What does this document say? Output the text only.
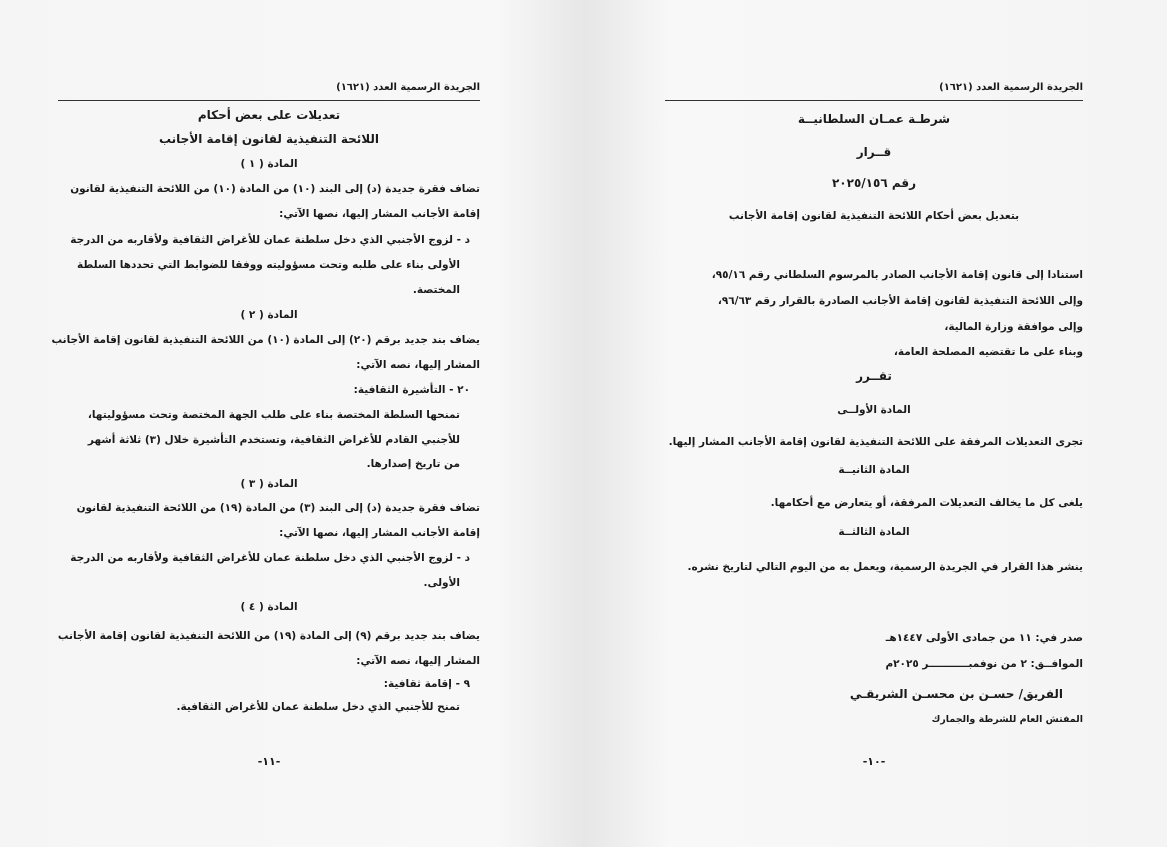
الجريدة الرسمية العدد (١٦٢١)
تعديلات على بعض أحكام
اللائحة التنفيذية لقانون إقامة الأجانب
المادة ( ١ )
تضاف فقرة جديدة (د) إلى البند (١٠) من المادة (١٠) من اللائحة التنفيذية لقانون
إقامة الأجانب المشار إليها، نصها الآتي:
د - لزوج الأجنبي الذي دخل سلطنة عمان للأغراض الثقافية ولأقاربه من الدرجة
الأولى بناء على طلبه وتحت مسؤوليته ووفقا للضوابط التي تحددها السلطة
المختصة.
المادة ( ٢ )
يضاف بند جديد برقم (٢٠) إلى المادة (١٠) من اللائحة التنفيذية لقانون إقامة الأجانب
المشار إليها، نصه الآتي:
٢٠ - التأشيرة الثقافية:
تمنحها السلطة المختصة بناء على طلب الجهة المختصة وتحت مسؤوليتها،
للأجنبي القادم للأغراض الثقافية، وتستخدم التأشيرة خلال (٣) ثلاثة أشهر
من تاريخ إصدارها.
المادة ( ٣ )
تضاف فقرة جديدة (د) إلى البند (٣) من المادة (١٩) من اللائحة التنفيذية لقانون
إقامة الأجانب المشار إليها، نصها الآتي:
د - لزوج الأجنبي الذي دخل سلطنة عمان للأغراض الثقافية ولأقاربه من الدرجة
الأولى.
المادة ( ٤ )
يضاف بند جديد برقم (٩) إلى المادة (١٩) من اللائحة التنفيذية لقانون إقامة الأجانب
المشار إليها، نصه الآتي:
٩ - إقامة ثقافية:
تمنح للأجنبي الذي دخل سلطنة عمان للأغراض الثقافية.
-١١-
الجريدة الرسمية العدد (١٦٢١)
شرطـة عمـان السلطانيــة
قــرار
رقم ٢٠٢٥/١٥٦
بتعديل بعض أحكام اللائحة التنفيذية لقانون إقامة الأجانب
استنادا إلى قانون إقامة الأجانب الصادر بالمرسوم السلطاني رقم ٩٥/١٦،
وإلى اللائحة التنفيذية لقانون إقامة الأجانب الصادرة بالقرار رقم ٩٦/٦٣،
وإلى موافقة وزارة المالية،
وبناء على ما تقتضيه المصلحة العامة،
تقــرر
المادة الأولــى
تجرى التعديلات المرفقة على اللائحة التنفيذية لقانون إقامة الأجانب المشار إليها.
المادة الثانيــة
يلغى كل ما يخالف التعديلات المرفقة، أو يتعارض مع أحكامها.
المادة الثالثــة
ينشر هذا القرار في الجريدة الرسمية، ويعمل به من اليوم التالي لتاريخ نشره.
صدر في: ١١ من جمادى الأولى ١٤٤٧هـ
الموافــق: ٢ من نوفمبـــــــــــر ٢٠٢٥م
الفريق/ حسـن بن محسـن الشريقـي
المفتش العام للشرطة والجمارك
-١٠-
